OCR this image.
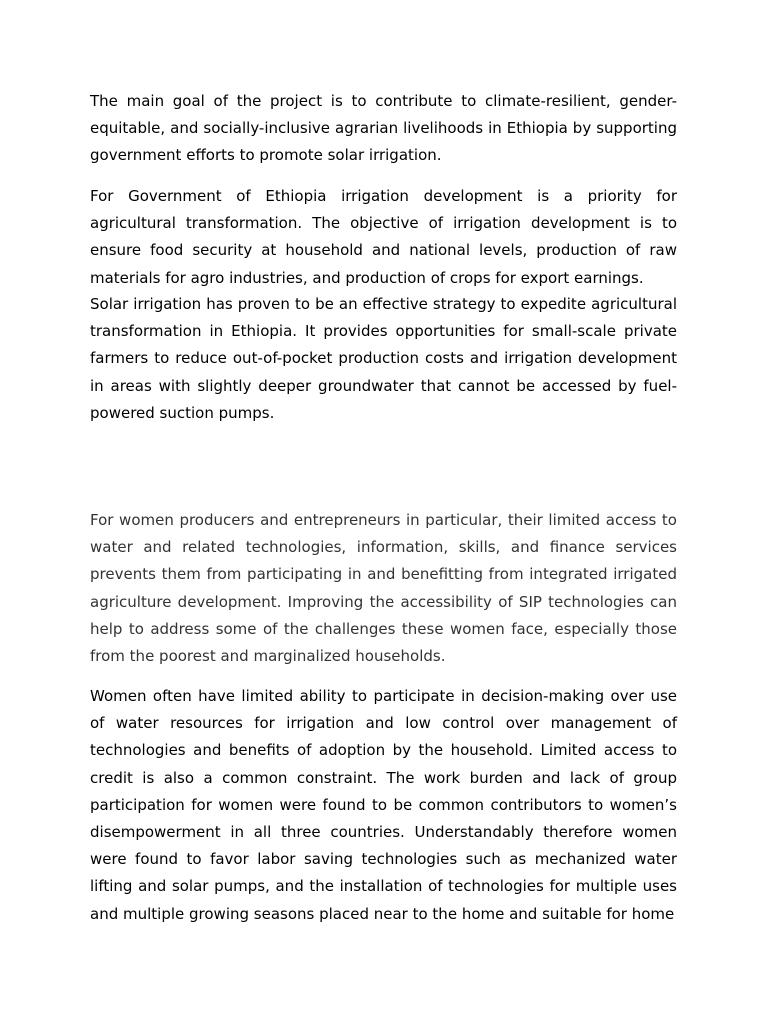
The main goal of the project is to contribute to climate-resilient, gender-equitable, and socially-inclusive agrarian livelihoods in Ethiopia by supporting government efforts to promote solar irrigation.

For Government of Ethiopia irrigation development is a priority for agricultural transformation. The objective of irrigation development is to ensure food security at household and national levels, production of raw materials for agro industries, and production of crops for export earnings.

Solar irrigation has proven to be an effective strategy to expedite agricultural transformation in Ethiopia. It provides opportunities for small-scale private farmers to reduce out-of-pocket production costs and irrigation development in areas with slightly deeper groundwater that cannot be accessed by fuel-powered suction pumps.

For women producers and entrepreneurs in particular, their limited access to water and related technologies, information, skills, and finance services prevents them from participating in and benefitting from integrated irrigated agriculture development. Improving the accessibility of SIP technologies can help to address some of the challenges these women face, especially those from the poorest and marginalized households.

Women often have limited ability to participate in decision-making over use of water resources for irrigation and low control over management of technologies and benefits of adoption by the household. Limited access to credit is also a common constraint. The work burden and lack of group participation for women were found to be common contributors to women’s disempowerment in all three countries. Understandably therefore women were found to favor labor saving technologies such as mechanized water lifting and solar pumps, and the installation of technologies for multiple uses and multiple growing seasons placed near to the home and suitable for home
